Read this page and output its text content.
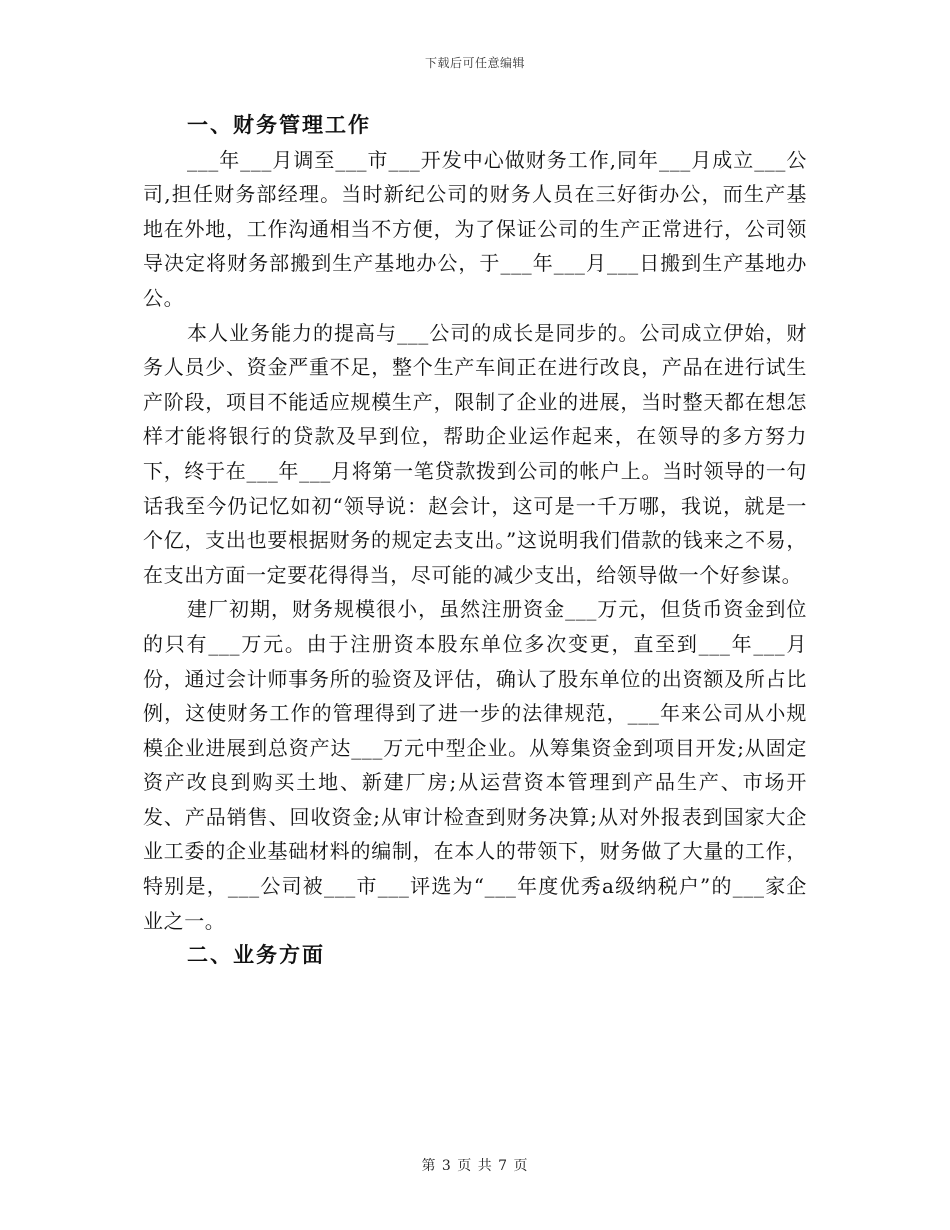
下载后可任意编辑

一、财务管理工作

___年___月调至___市___开发中心做财务工作,同年___月成立___公司,担任财务部经理。当时新纪公司的财务人员在三好街办公，而生产基地在外地，工作沟通相当不方便，为了保证公司的生产正常进行，公司领导决定将财务部搬到生产基地办公，于___年___月___日搬到生产基地办公。

本人业务能力的提高与___公司的成长是同步的。公司成立伊始，财务人员少、资金严重不足，整个生产车间正在进行改良，产品在进行试生产阶段，项目不能适应规模生产，限制了企业的进展，当时整天都在想怎样才能将银行的贷款及早到位，帮助企业运作起来，在领导的多方努力下，终于在___年___月将第一笔贷款拨到公司的帐户上。当时领导的一句话我至今仍记忆如初“领导说：赵会计，这可是一千万哪，我说，就是一个亿，支出也要根据财务的规定去支出。”这说明我们借款的钱来之不易，在支出方面一定要花得得当，尽可能的减少支出，给领导做一个好参谋。

建厂初期，财务规模很小，虽然注册资金___万元，但货币资金到位的只有___万元。由于注册资本股东单位多次变更，直至到___年___月份，通过会计师事务所的验资及评估，确认了股东单位的出资额及所占比例，这使财务工作的管理得到了进一步的法律规范，___年来公司从小规模企业进展到总资产达___万元中型企业。从筹集资金到项目开发;从固定资产改良到购买土地、新建厂房;从运营资本管理到产品生产、市场开发、产品销售、回收资金;从审计检查到财务决算;从对外报表到国家大企业工委的企业基础材料的编制，在本人的带领下，财务做了大量的工作，特别是，___公司被___市___评选为“___年度优秀a级纳税户”的___家企业之一。

二、业务方面

第 3 页 共 7 页
